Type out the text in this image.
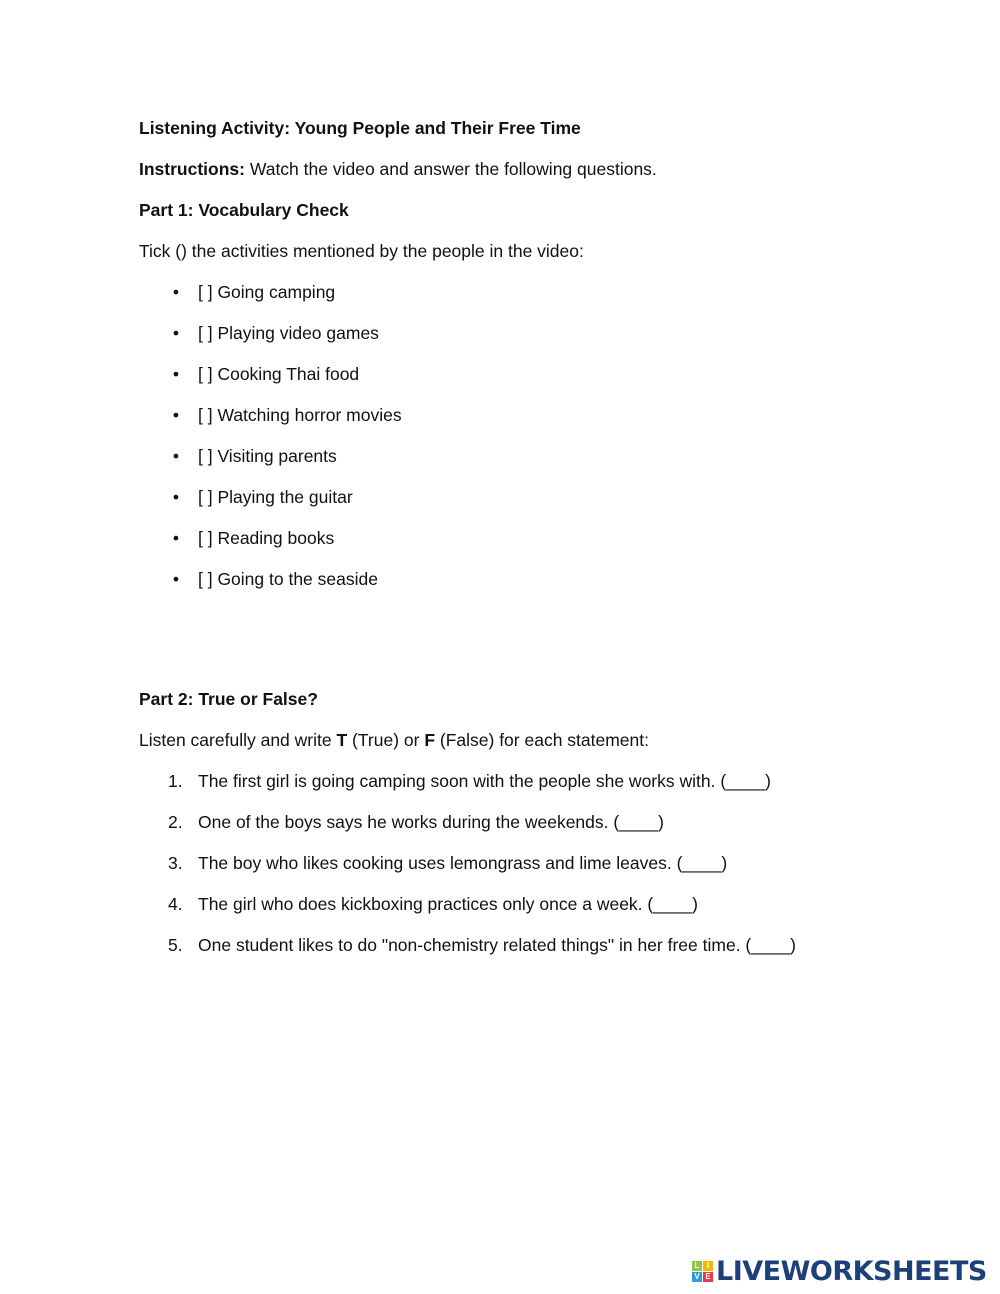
Listening Activity: Young People and Their Free Time
Instructions: Watch the video and answer the following questions.
Part 1: Vocabulary Check
Tick () the activities mentioned by the people in the video:
• [ ] Going camping
• [ ] Playing video games
• [ ] Cooking Thai food
• [ ] Watching horror movies
• [ ] Visiting parents
• [ ] Playing the guitar
• [ ] Reading books
• [ ] Going to the seaside
Part 2: True or False?
Listen carefully and write T (True) or F (False) for each statement:
1. The first girl is going camping soon with the people she works with. (____)
2. One of the boys says he works during the weekends. (____)
3. The boy who likes cooking uses lemongrass and lime leaves. (____)
4. The girl who does kickboxing practices only once a week. (____)
5. One student likes to do "non-chemistry related things" in her free time. (____)
L I
V E LIVEWORKSHEETS
